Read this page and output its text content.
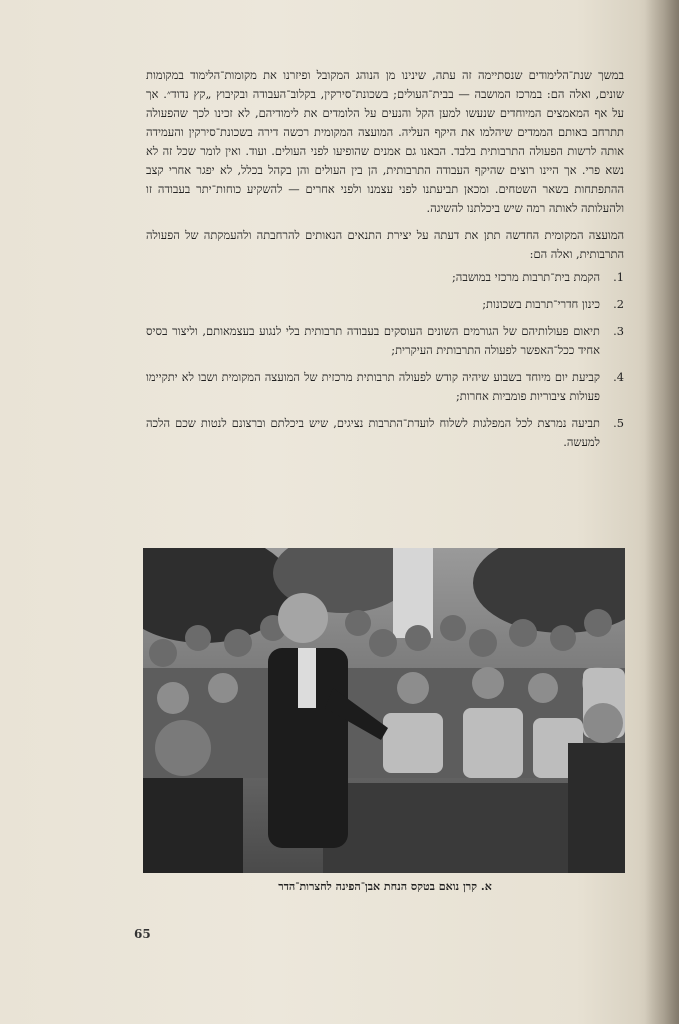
במשך שנת־הלימודים שנסתיימה זה עתה, שינינו מן הנוהג המקובל ופיזרנו את מקומות־הלימוד במקומות שונים, ואלה הם: במרכז המושבה — בבית־העולים; בשכונת־סירקין, בקלוב־העבודה ובקיבוץ „קץ נדוד״. אך על אף המאמצים המיוחדים שנעשו למען הקל והנעים על הלומדים את לימודיהם, לא זכינו לכך שהפעולה תתרחב באותם הממדים שיהלמו את היקף העליה. המועצה המקומית רכשה דירה בשכונת־סירקין והעמידה אותה לרשות הפעולה התרבותית בלבד. הבאנו גם אמנים שהופיעו לפני העולים. ועוד. ואין לומר שכל זה לא נשא פרי. אך היינו רוצים שהיקף העבודה התרבותית, הן בין העולים והן בקהל בכלל, לא יפגר אחרי קצב ההתפתחות בשאר השטחים. ומכאן תביעתנו לפני עצמנו ולפני אחרים — להשקיע כוחות־יתר בעבודה זו ולהעלותה לאותה רמה שיש ביכלתנו להשיגה.

המועצה המקומית החדשה תתן את דעתה על יצירת התנאים הנאותים להרחבתה ולהעמקתה של הפעולה התרבותית, ואלה הם:

1.
הקמת בית־תרבות מרכזי במושבה;
2.
כינון חדרי־תרבות בשכונות;
3.
תיאום פעולותיהם של הגורמים השונים העוסקים בעבודה תרבותית בלי לנגוע בעצמאותם, וליצור בסיס אחיד ככל־האפשר לפעולה התרבותית העיקרית;
4.
קביעת יום מיוחד בשבוע שיהיה קודש לפעולה תרבותית מרכזית של המועצה המקומית ושבו לא יתקיימו פעולות ציבוריות פומביות אחרות;
5.
תביעה נמרצת לכל המפלגות לשלוח לועדת־התרבות נציגים, שיש ביכלתם וברצונם לנטות שכם הלכה למעשה.
א. קרן נואם בטקס הנחת אבן־הפינה לחצרות־הדר
65
